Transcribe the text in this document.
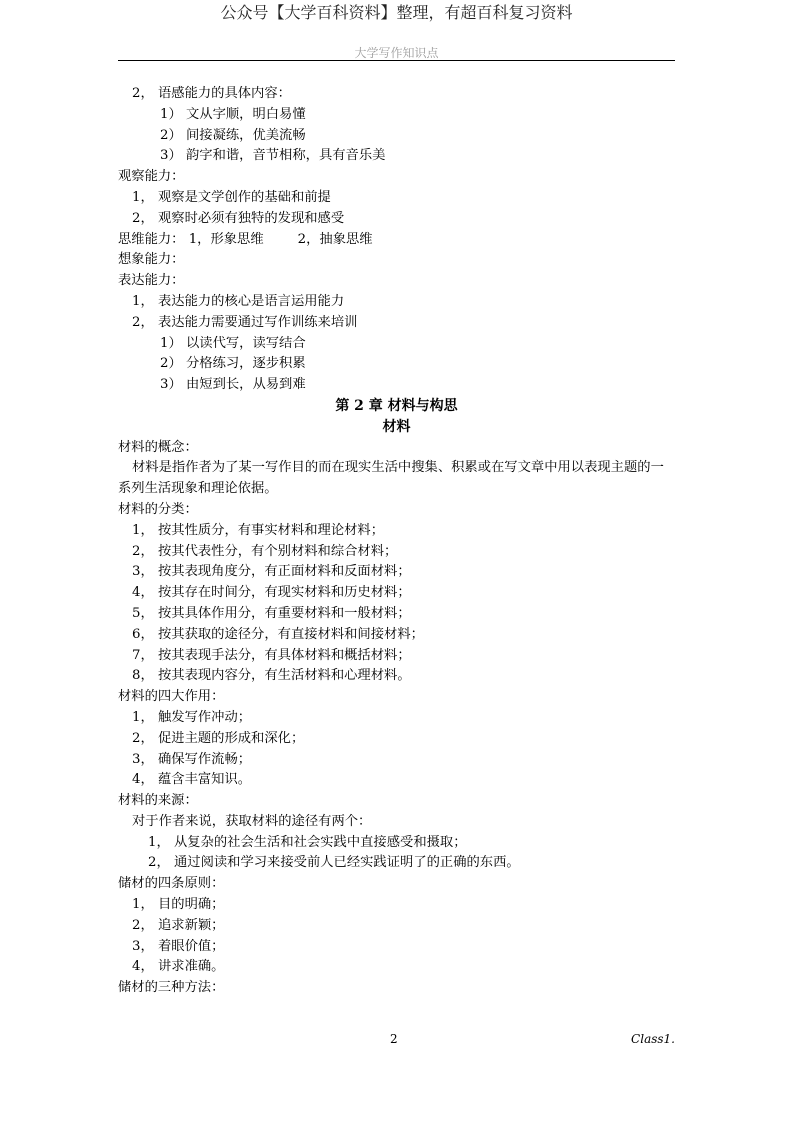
公众号【大学百科资料】整理，有超百科复习资料
大学写作知识点
2， 语感能力的具体内容：
1） 文从字顺，明白易懂
2） 间接凝练，优美流畅
3） 韵字和谐，音节相称，具有音乐美
观察能力：
1， 观察是文学创作的基础和前提
2， 观察时必须有独特的发现和感受
思维能力： 1，形象思维	2，抽象思维
想象能力：
表达能力：
1， 表达能力的核心是语言运用能力
2， 表达能力需要通过写作训练来培训
1） 以读代写，读写结合
2） 分格练习，逐步积累
3） 由短到长，从易到难
第 2 章 材料与构思
材料
材料的概念：
材料是指作者为了某一写作目的而在现实生活中搜集、积累或在写文章中用以表现主题的一系列生活现象和理论依据。
材料的分类：
1， 按其性质分，有事实材料和理论材料；
2， 按其代表性分，有个别材料和综合材料；
3， 按其表现角度分，有正面材料和反面材料；
4， 按其存在时间分，有现实材料和历史材料；
5， 按其具体作用分，有重要材料和一般材料；
6， 按其获取的途径分，有直接材料和间接材料；
7， 按其表现手法分，有具体材料和概括材料；
8， 按其表现内容分，有生活材料和心理材料。
材料的四大作用：
1， 触发写作冲动；
2， 促进主题的形成和深化；
3， 确保写作流畅；
4， 蕴含丰富知识。
材料的来源：
对于作者来说，获取材料的途径有两个：
1， 从复杂的社会生活和社会实践中直接感受和摄取；
2， 通过阅读和学习来接受前人已经实践证明了的正确的东西。
储材的四条原则：
1， 目的明确；
2， 追求新颖；
3， 着眼价值；
4， 讲求准确。
储材的三种方法：
2	Class1.
